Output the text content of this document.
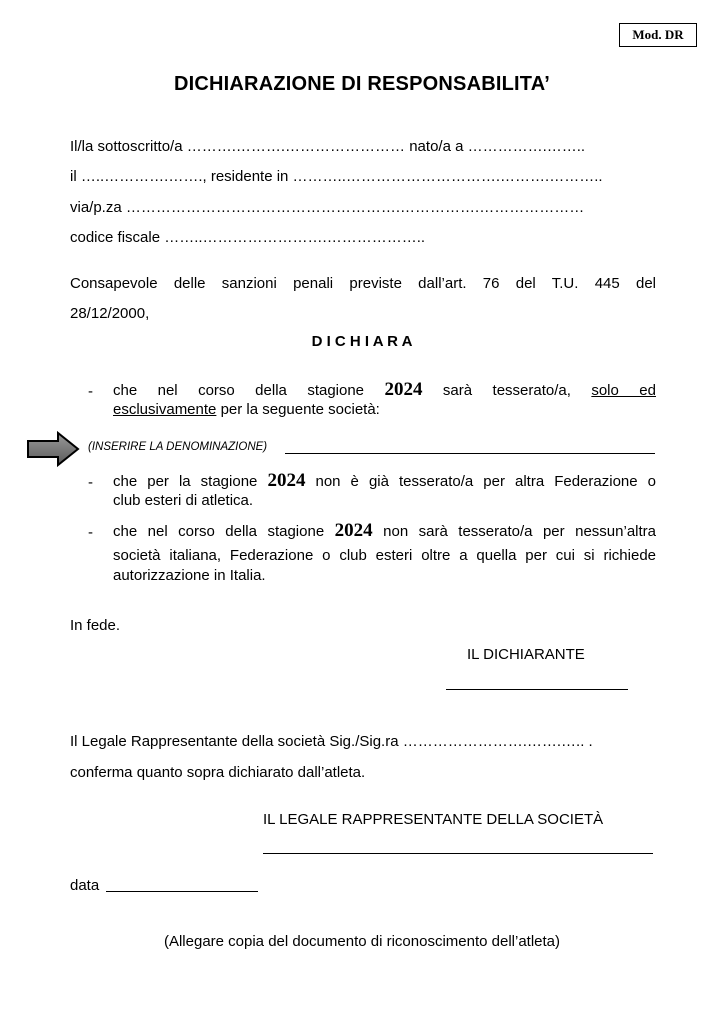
Mod. DR
DICHIARAZIONE DI RESPONSABILITA’
Il/la sottoscritto/a ……….……….…………………… nato/a a …………….……..
il …..………….……., residente in ………..………………………….……….………..
via/p.za ……………………………………………….…………….…………………
codice fiscale ……..…………………….………………..
Consapevole delle sanzioni penali previste dall’art. 76 del T.U. 445 del
28/12/2000,
D I C H I A R A
- che nel corso della stagione 2024 sarà tesserato/a, solo ed
esclusivamente per la seguente società:
(INSERIRE LA DENOMINAZIONE)
- che per la stagione 2024 non è già tesserato/a per altra Federazione o
club esteri di atletica.
- che nel corso della stagione 2024 non sarà tesserato/a per nessun’altra
società italiana, Federazione o club esteri oltre a quella per cui si richiede
autorizzazione in Italia.
In fede.
IL DICHIARANTE
Il Legale Rappresentante della società Sig./Sig.ra …………………….…….….. .
conferma quanto sopra dichiarato dall’atleta.
IL LEGALE RAPPRESENTANTE DELLA SOCIETÀ
data
(Allegare copia del documento di riconoscimento dell’atleta)
